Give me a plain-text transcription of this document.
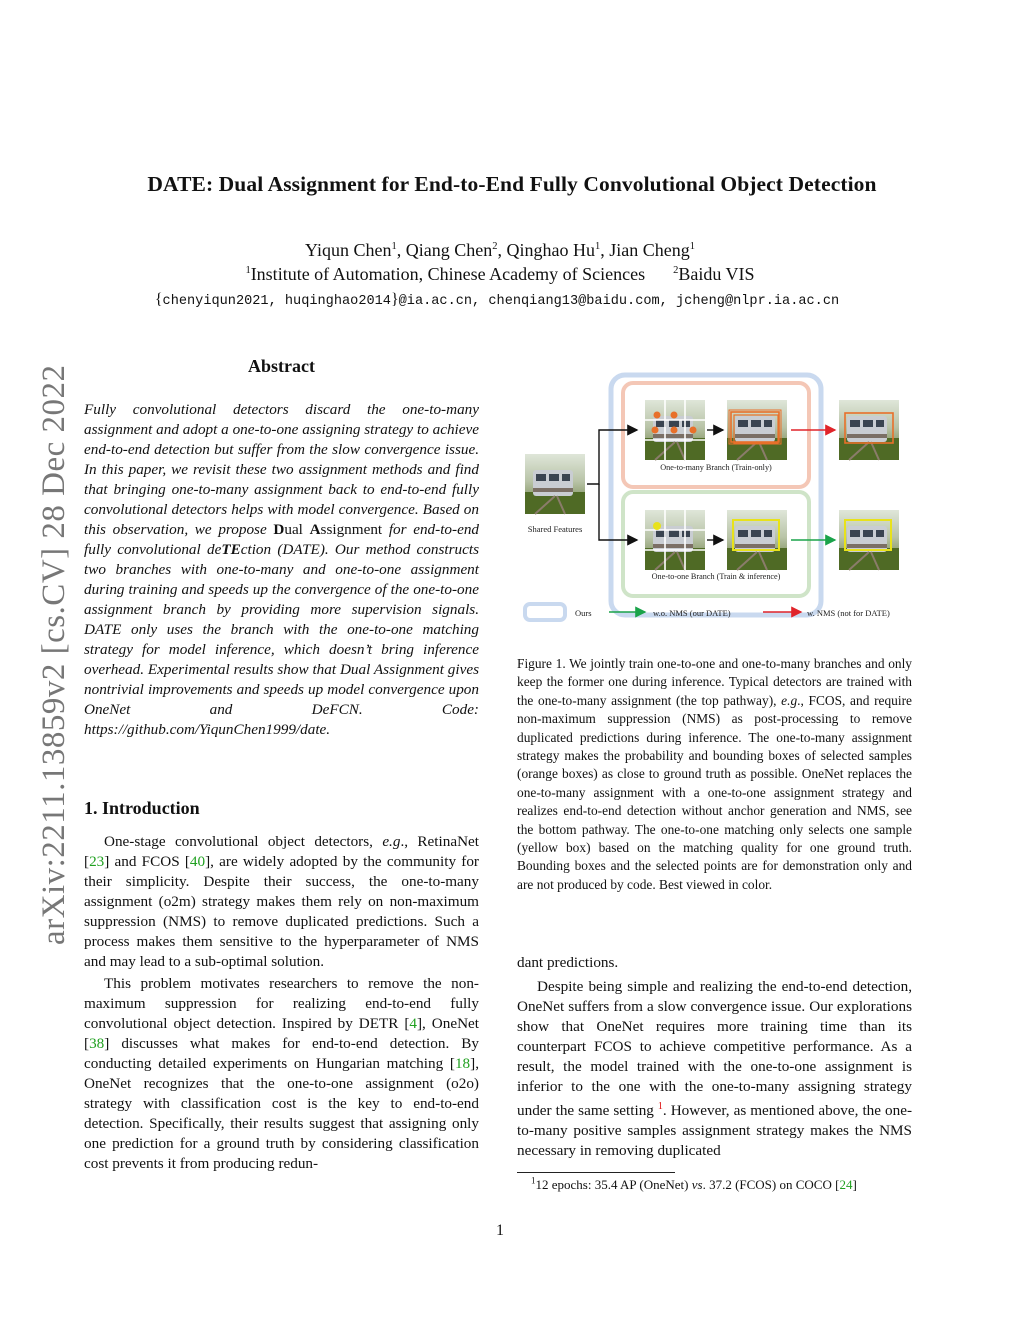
arXiv:2211.13859v2 [cs.CV] 28 Dec 2022
DATE: Dual Assignment for End-to-End Fully Convolutional Object Detection
Yiqun Chen$^1$, Qiang Chen$^2$, Qinghao Hu$^1$, Jian Cheng$^1$
$^1$Institute of Automation, Chinese Academy of Sciences	$^2$Baidu VIS
{chenyiqun2021, huqinghao2014}@ia.ac.cn, chenqiang13@baidu.com, jcheng@nlpr.ia.ac.cn
Abstract
Fully convolutional detectors discard the one-to-many assignment and adopt a one-to-one assigning strategy to achieve end-to-end detection but suffer from the slow convergence issue. In this paper, we revisit these two assignment methods and find that bringing one-to-many assignment back to end-to-end fully convolutional detectors helps with model convergence. Based on this observation, we propose Dual Assignment for end-to-end fully convolutional deTEction (DATE). Our method constructs two branches with one-to-many and one-to-one assignment during training and speeds up the convergence of the one-to-one assignment branch by providing more supervision signals. DATE only uses the branch with the one-to-one matching strategy for model inference, which doesn’t bring inference overhead. Experimental results show that Dual Assignment gives nontrivial improvements and speeds up model convergence upon OneNet and DeFCN. Code: https://github.com/YiqunChen1999/date.
1. Introduction

One-stage convolutional object detectors, e.g., RetinaNet [23] and FCOS [40], are widely adopted by the community for their simplicity. Despite their success, the one-to-many assignment (o2m) strategy makes them rely on non-maximum suppression (NMS) to remove duplicated predictions. Such a process makes them sensitive to the hyperparameter of NMS and may lead to a sub-optimal solution.

This problem motivates researchers to remove the non-maximum suppression for realizing end-to-end fully convolutional object detection. Inspired by DETR [4], OneNet [38] discusses what makes for end-to-end detection. By conducting detailed experiments on Hungarian matching [18], OneNet recognizes that the one-to-one assignment (o2o) strategy with classification cost is the key to end-to-end detection. Specifically, their results suggest that assigning only one prediction for a ground truth by considering classification cost prevents it from producing redun-

Shared Features
One-to-many Branch (Train-only)
One-to-one Branch (Train & inference)
Ours	w.o. NMS (our DATE)	w. NMS (not for DATE)
Figure 1. We jointly train one-to-one and one-to-many branches and only keep the former one during inference. Typical detectors are trained with the one-to-many assignment (the top pathway), e.g., FCOS, and require non-maximum suppression (NMS) as post-processing to remove duplicated predictions during inference. The one-to-many assignment strategy makes the probability and bounding boxes of selected samples (orange boxes) as close to ground truth as possible. OneNet replaces the one-to-many assignment with a one-to-one assignment strategy and realizes end-to-end detection without anchor generation and NMS, see the bottom pathway. The one-to-one matching only selects one sample (yellow box) based on the matching quality for one ground truth. Bounding boxes and the selected points are for demonstration only and are not produced by code. Best viewed in color.

dant predictions.

Despite being simple and realizing the end-to-end detection, OneNet suffers from a slow convergence issue. Our explorations show that OneNet requires more training time than its counterpart FCOS to achieve competitive performance. As a result, the model trained with the one-to-one assignment is inferior to the one with the one-to-many assigning strategy under the same setting $^1$. However, as mentioned above, the one-to-many positive samples assignment strategy makes the NMS necessary in removing duplicated

$^1$12 epochs: 35.4 AP (OneNet) vs. 37.2 (FCOS) on COCO [24]
1
